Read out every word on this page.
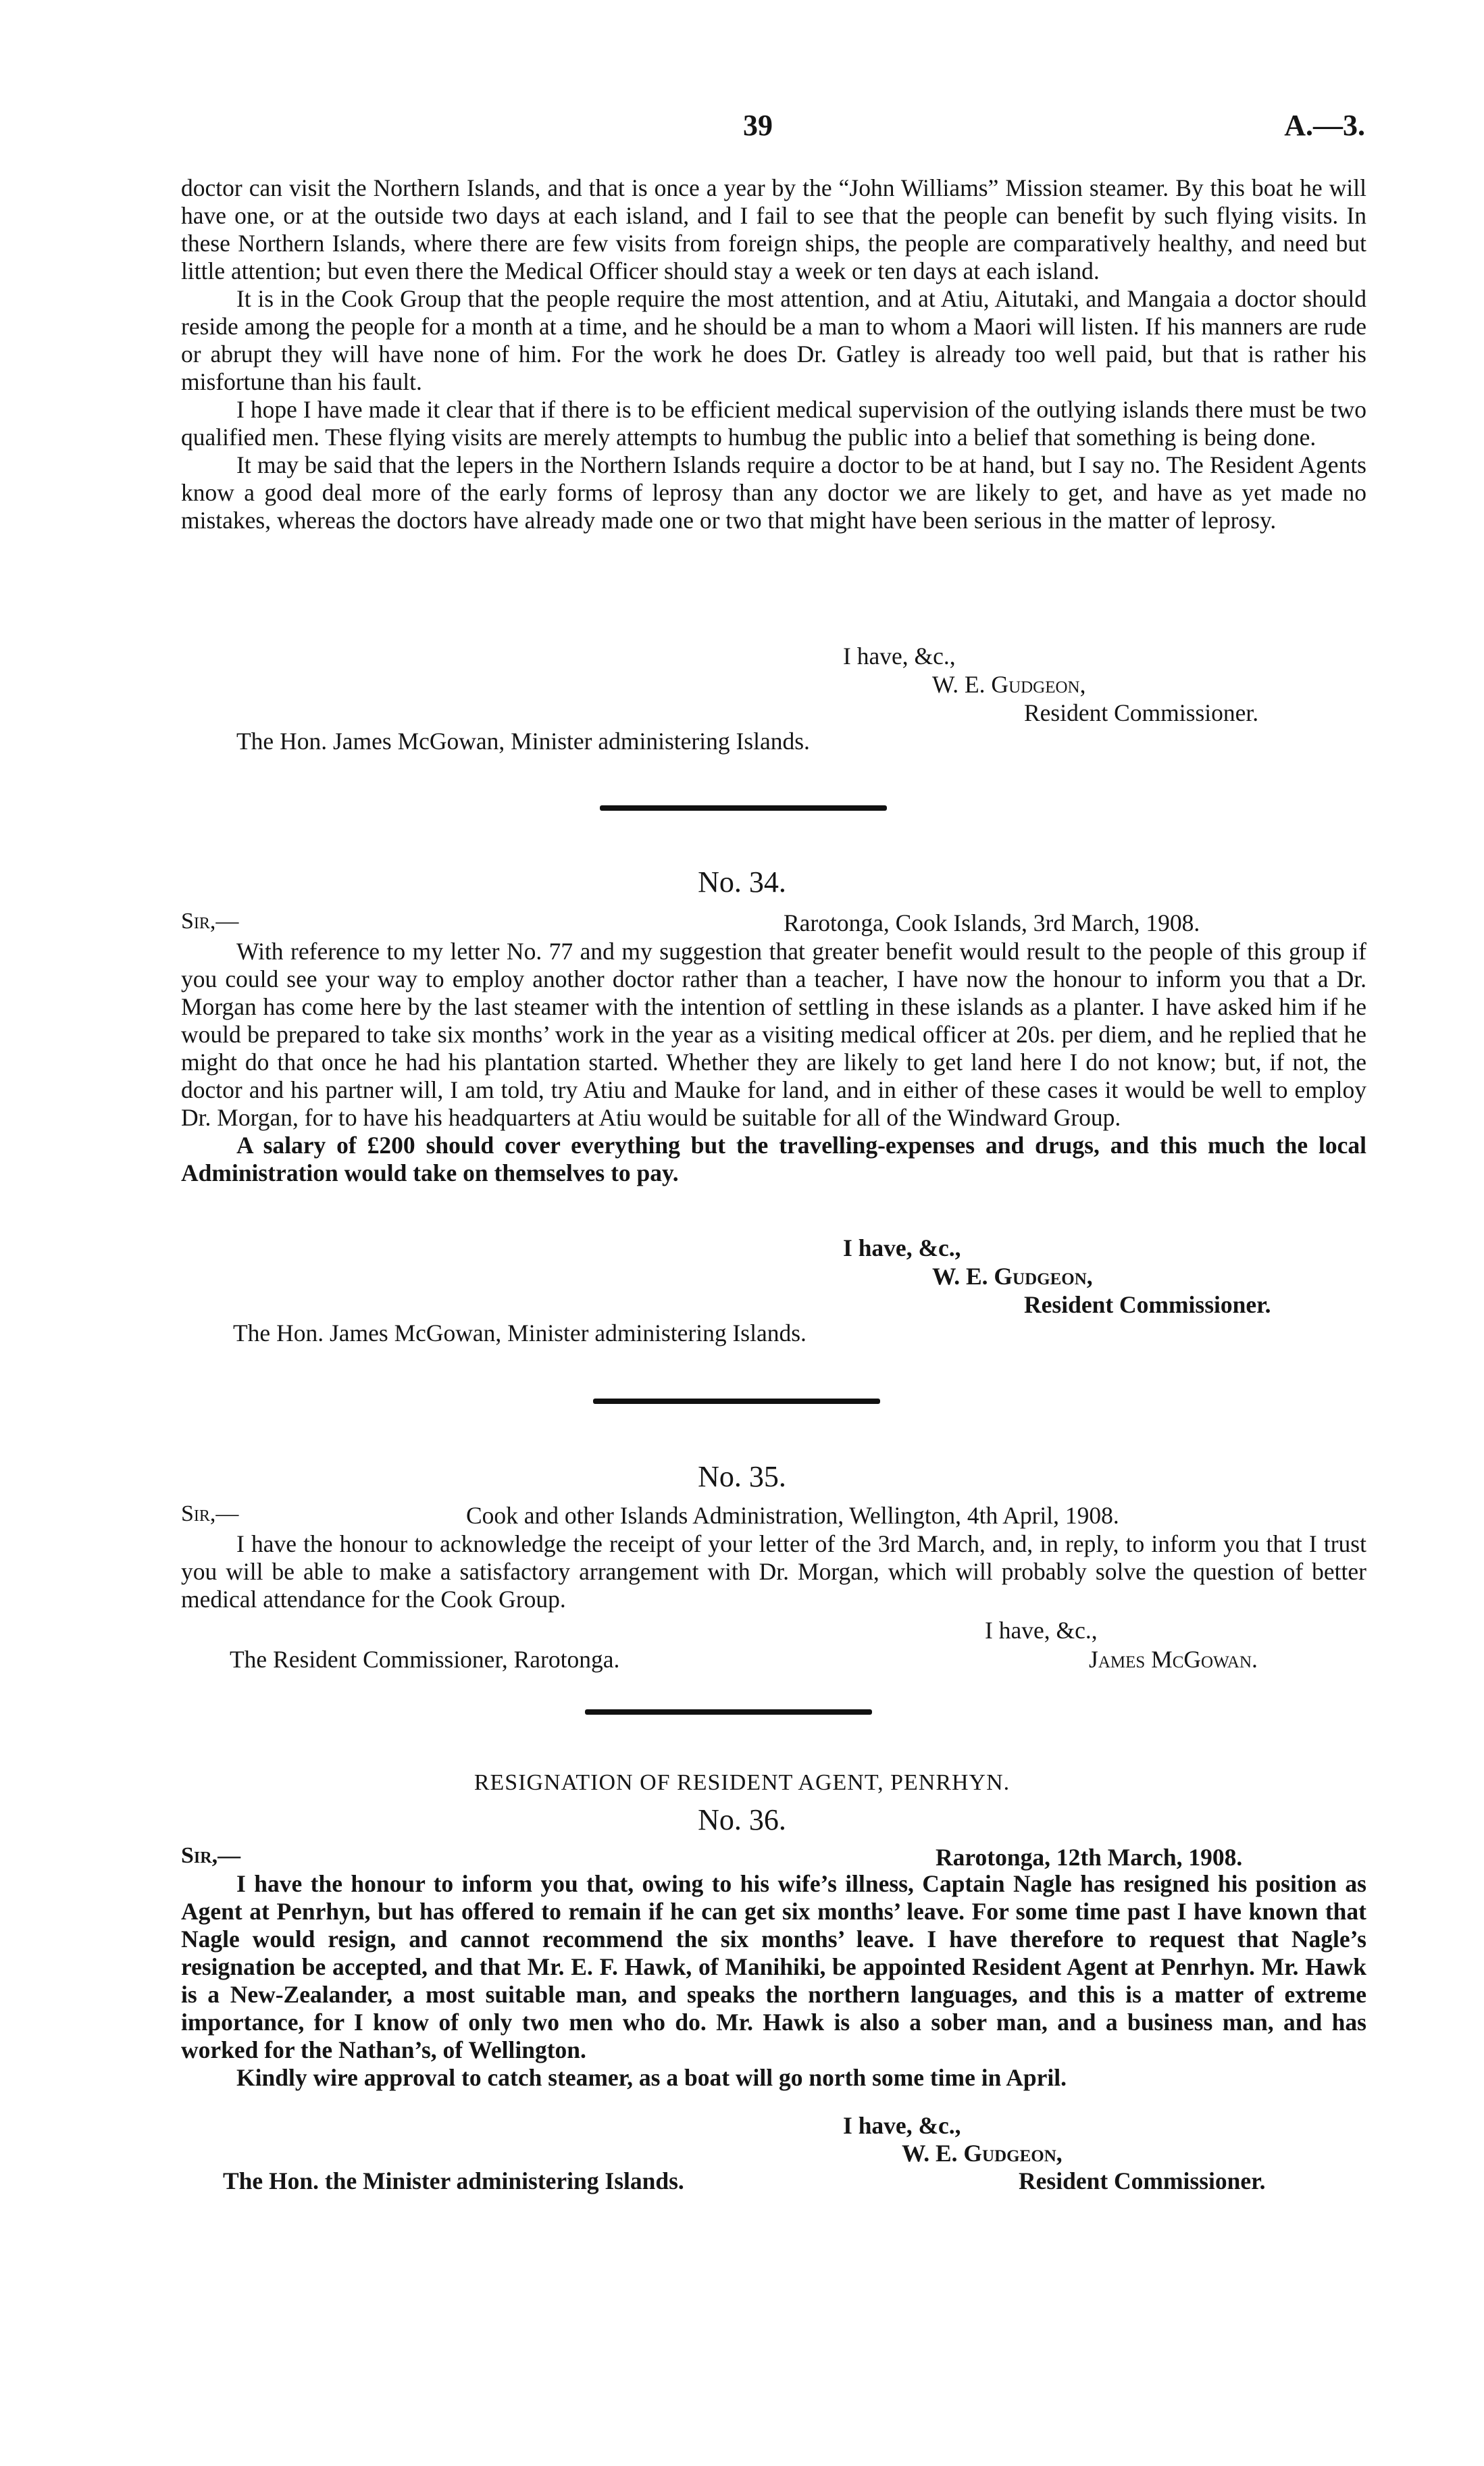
39	A.—3.

doctor can visit the Northern Islands, and that is once a year by the “John Williams” Mission steamer. By this boat he will have one, or at the outside two days at each island, and I fail to see that the people can benefit by such flying visits. In these Northern Islands, where there are few visits from foreign ships, the people are comparatively healthy, and need but little attention; but even there the Medical Officer should stay a week or ten days at each island.

It is in the Cook Group that the people require the most attention, and at Atiu, Aitutaki, and Mangaia a doctor should reside among the people for a month at a time, and he should be a man to whom a Maori will listen. If his manners are rude or abrupt they will have none of him. For the work he does Dr. Gatley is already too well paid, but that is rather his misfortune than his fault.

I hope I have made it clear that if there is to be efficient medical supervision of the outlying islands there must be two qualified men. These flying visits are merely attempts to humbug the public into a belief that something is being done.

It may be said that the lepers in the Northern Islands require a doctor to be at hand, but I say no. The Resident Agents know a good deal more of the early forms of leprosy than any doctor we are likely to get, and have as yet made no mistakes, whereas the doctors have already made one or two that might have been serious in the matter of leprosy.

I have, &c.,
W. E. Gudgeon,
Resident Commissioner.
The Hon. James McGowan, Minister administering Islands.
No. 34.
Sir,—	Rarotonga, Cook Islands, 3rd March, 1908.

With reference to my letter No. 77 and my suggestion that greater benefit would result to the people of this group if you could see your way to employ another doctor rather than a teacher, I have now the honour to inform you that a Dr. Morgan has come here by the last steamer with the intention of settling in these islands as a planter. I have asked him if he would be prepared to take six months’ work in the year as a visiting medical officer at 20s. per diem, and he replied that he might do that once he had his plantation started. Whether they are likely to get land here I do not know; but, if not, the doctor and his partner will, I am told, try Atiu and Mauke for land, and in either of these cases it would be well to employ Dr. Morgan, for to have his headquarters at Atiu would be suitable for all of the Windward Group.

A salary of £200 should cover everything but the travelling-expenses and drugs, and this much the local Administration would take on themselves to pay.

I have, &c.,
W. E. Gudgeon,
Resident Commissioner.
The Hon. James McGowan, Minister administering Islands.
No. 35.
Sir,—	Cook and other Islands Administration, Wellington, 4th April, 1908.

I have the honour to acknowledge the receipt of your letter of the 3rd March, and, in reply, to inform you that I trust you will be able to make a satisfactory arrangement with Dr. Morgan, which will probably solve the question of better medical attendance for the Cook Group.

I have, &c.,
The Resident Commissioner, Rarotonga.	James McGowan.
RESIGNATION OF RESIDENT AGENT, PENRHYN.
No. 36.
Sir,—	Rarotonga, 12th March, 1908.

I have the honour to inform you that, owing to his wife’s illness, Captain Nagle has resigned his position as Agent at Penrhyn, but has offered to remain if he can get six months’ leave. For some time past I have known that Nagle would resign, and cannot recommend the six months’ leave. I have therefore to request that Nagle’s resignation be accepted, and that Mr. E. F. Hawk, of Manihiki, be appointed Resident Agent at Penrhyn. Mr. Hawk is a New-Zealander, a most suitable man, and speaks the northern languages, and this is a matter of extreme importance, for I know of only two men who do. Mr. Hawk is also a sober man, and a business man, and has worked for the Nathan’s, of Wellington.

Kindly wire approval to catch steamer, as a boat will go north some time in April.

I have, &c.,
W. E. Gudgeon,
The Hon. the Minister administering Islands.	Resident Commissioner.
